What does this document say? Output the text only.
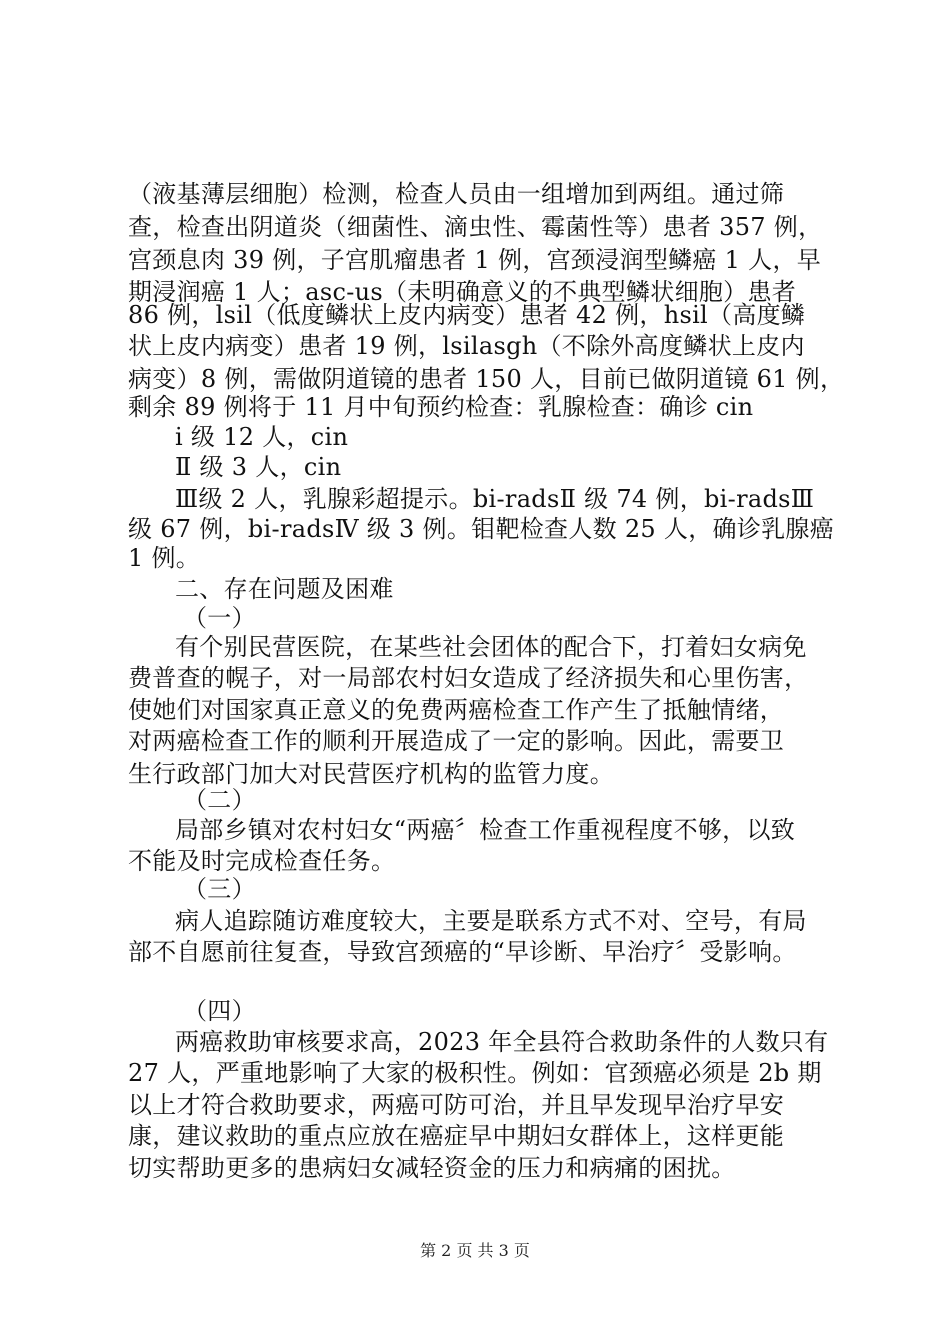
（液基薄层细胞）检测，检查人员由一组增加到两组。通过筛
查，检查出阴道炎（细菌性、滴虫性、霉菌性等）患者 357 例，
宫颈息肉 39 例，子宫肌瘤患者 1 例，宫颈浸润型鳞癌 1 人，早
期浸润癌 1 人；asc-us（未明确意义的不典型鳞状细胞）患者
86 例，lsil（低度鳞状上皮内病变）患者 42 例，hsil（高度鳞
状上皮内病变）患者 19 例，lsilasgh（不除外高度鳞状上皮内
病变）8 例，需做阴道镜的患者 150 人，目前已做阴道镜 61 例，
剩余 89 例将于 11 月中旬预约检查：乳腺检查：确诊 cin
i 级 12 人，cin
Ⅱ 级 3 人，cin
Ⅲ级 2 人，乳腺彩超提示。bi-radsⅡ 级 74 例，bi-radsⅢ
级 67 例，bi-radsⅣ 级 3 例。钼靶检查人数 25 人，确诊乳腺癌
1 例。
二、存在问题及困难
（一）
有个别民营医院，在某些社会团体的配合下，打着妇女病免
费普查的幌子，对一局部农村妇女造成了经济损失和心里伤害，
使她们对国家真正意义的免费两癌检查工作产生了抵触情绪，
对两癌检查工作的顺利开展造成了一定的影响。因此，需要卫
生行政部门加大对民营医疗机构的监管力度。
（二）
局部乡镇对农村妇女“两癌〞检查工作重视程度不够，以致
不能及时完成检查任务。
（三）
病人追踪随访难度较大，主要是联系方式不对、空号，有局
部不自愿前往复查，导致宫颈癌的“早诊断、早治疗〞受影响。
（四）
两癌救助审核要求高，2023 年全县符合救助条件的人数只有
27 人，严重地影响了大家的极积性。例如：官颈癌必须是 2b 期
以上才符合救助要求，两癌可防可治，并且早发现早治疗早安
康，建议救助的重点应放在癌症早中期妇女群体上，这样更能
切实帮助更多的患病妇女减轻资金的压力和病痛的困扰。
第 2 页 共 3 页
